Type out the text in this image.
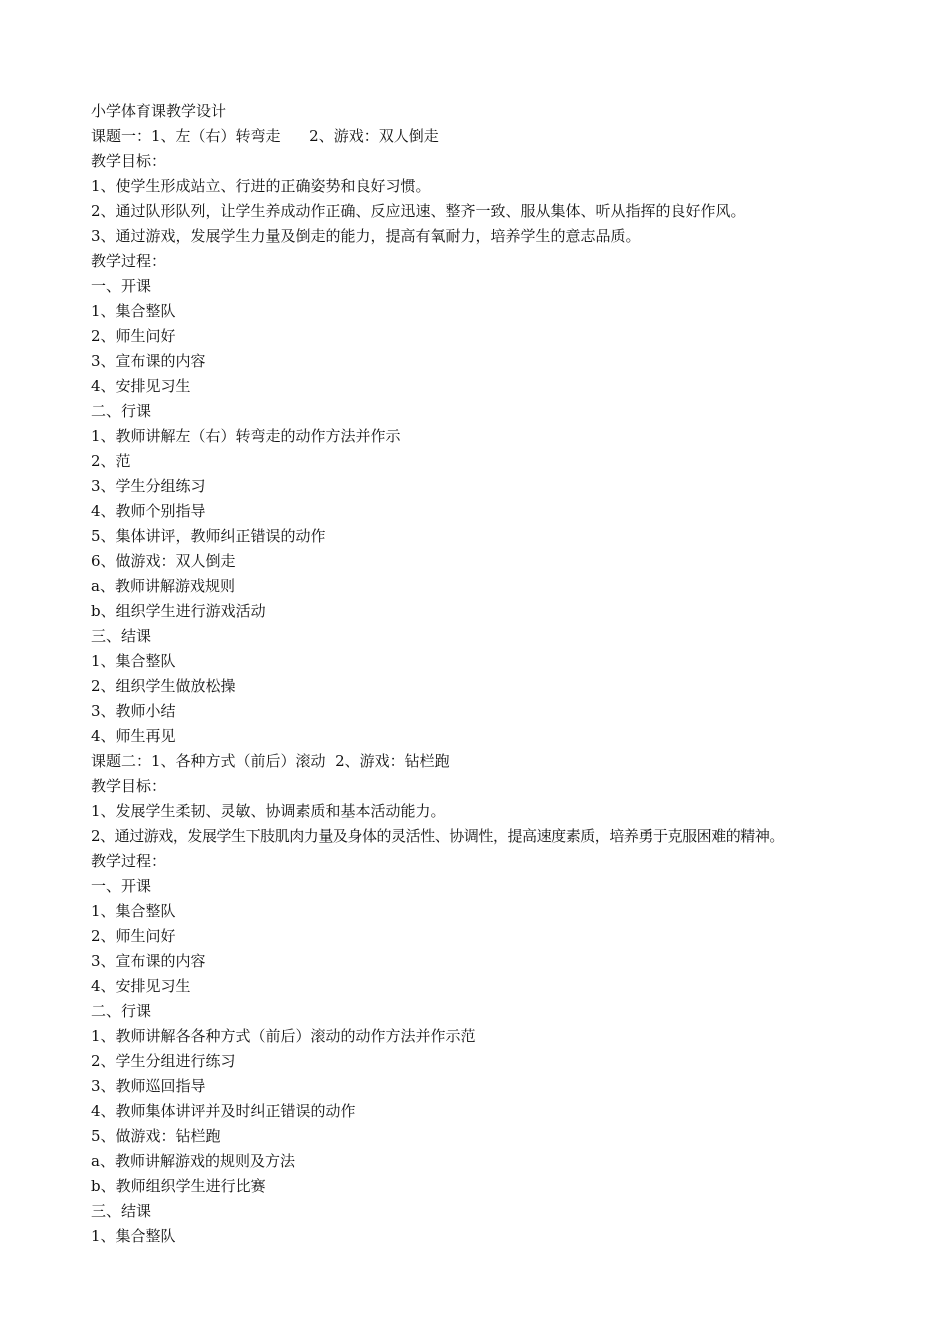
小学体育课教学设计

课题一：1、左（右）转弯走      2、游戏：双人倒走

教学目标：

1、使学生形成站立、行进的正确姿势和良好习惯。

2、通过队形队列，让学生养成动作正确、反应迅速、整齐一致、服从集体、听从指挥的良好作风。

3、通过游戏，发展学生力量及倒走的能力，提高有氧耐力，培养学生的意志品质。

教学过程：

一、开课

1、集合整队

2、师生问好

3、宣布课的内容

4、安排见习生

二、行课

1、教师讲解左（右）转弯走的动作方法并作示

2、范

3、学生分组练习

4、教师个别指导

5、集体讲评，教师纠正错误的动作

6、做游戏：双人倒走

a、教师讲解游戏规则

b、组织学生进行游戏活动

三、结课

1、集合整队

2、组织学生做放松操

3、教师小结

4、师生再见

课题二：1、各种方式（前后）滚动  2、游戏：钻栏跑

教学目标：

1、发展学生柔韧、灵敏、协调素质和基本活动能力。

2、通过游戏，发展学生下肢肌肉力量及身体的灵活性、协调性，提高速度素质，培养勇于克服困难的精神。

教学过程：

一、开课

1、集合整队

2、师生问好

3、宣布课的内容

4、安排见习生

二、行课

1、教师讲解各各种方式（前后）滚动的动作方法并作示范

2、学生分组进行练习

3、教师巡回指导

4、教师集体讲评并及时纠正错误的动作

5、做游戏：钻栏跑

a、教师讲解游戏的规则及方法

b、教师组织学生进行比赛

三、结课

1、集合整队
